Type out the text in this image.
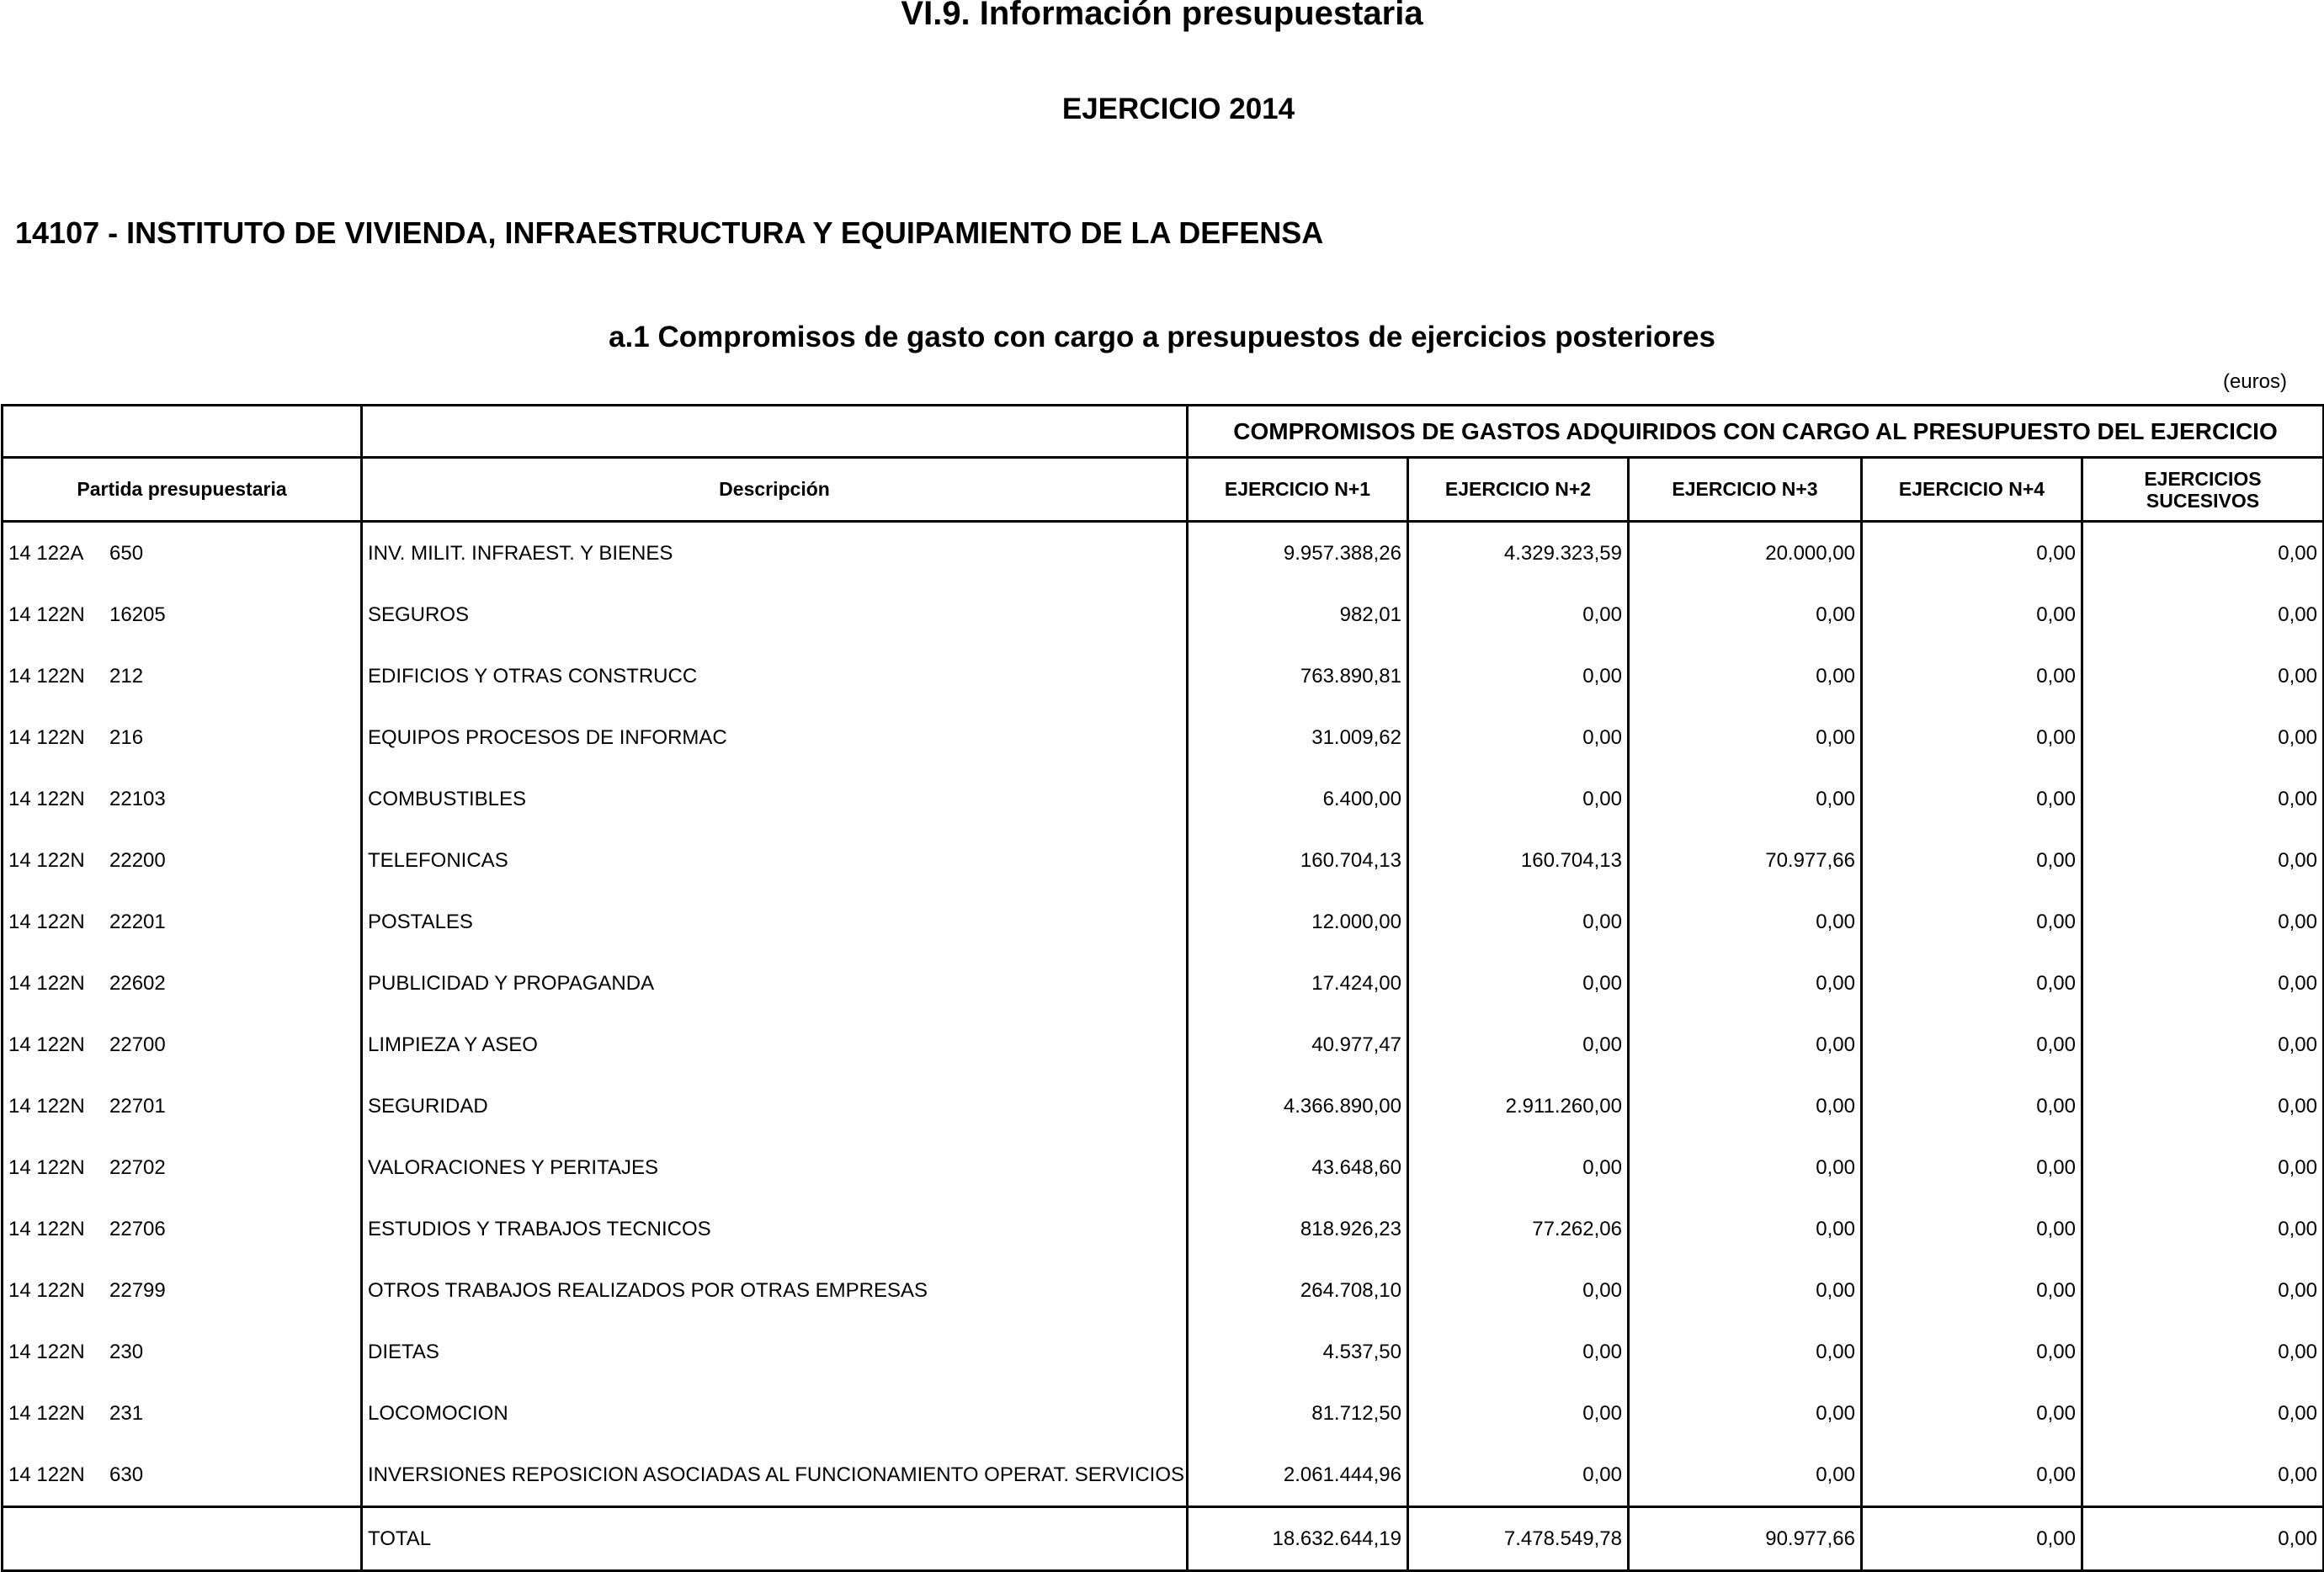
VI.9. Información presupuestaria
EJERCICIO 2014
14107 - INSTITUTO DE VIVIENDA, INFRAESTRUCTURA Y EQUIPAMIENTO DE LA DEFENSA
a.1 Compromisos de gasto con cargo a presupuestos de ejercicios posteriores
(euros)
		COMPROMISOS DE GASTOS ADQUIRIDOS CON CARGO AL PRESUPUESTO DEL EJERCICIO				
Partida presupuestaria	Descripción	EJERCICIO N+1	EJERCICIO N+2	EJERCICIO N+3	EJERCICIO N+4	EJERCICIOS SUCESIVOS
14 122A 650	INV. MILIT. INFRAEST. Y BIENES	9.957.388,26	4.329.323,59	20.000,00	0,00	0,00
14 122N 16205	SEGUROS	982,01	0,00	0,00	0,00	0,00
14 122N 212	EDIFICIOS Y OTRAS CONSTRUCC	763.890,81	0,00	0,00	0,00	0,00
14 122N 216	EQUIPOS PROCESOS DE INFORMAC	31.009,62	0,00	0,00	0,00	0,00
14 122N 22103	COMBUSTIBLES	6.400,00	0,00	0,00	0,00	0,00
14 122N 22200	TELEFONICAS	160.704,13	160.704,13	70.977,66	0,00	0,00
14 122N 22201	POSTALES	12.000,00	0,00	0,00	0,00	0,00
14 122N 22602	PUBLICIDAD Y PROPAGANDA	17.424,00	0,00	0,00	0,00	0,00
14 122N 22700	LIMPIEZA Y ASEO	40.977,47	0,00	0,00	0,00	0,00
14 122N 22701	SEGURIDAD	4.366.890,00	2.911.260,00	0,00	0,00	0,00
14 122N 22702	VALORACIONES Y PERITAJES	43.648,60	0,00	0,00	0,00	0,00
14 122N 22706	ESTUDIOS Y TRABAJOS TECNICOS	818.926,23	77.262,06	0,00	0,00	0,00
14 122N 22799	OTROS TRABAJOS REALIZADOS POR OTRAS EMPRESAS	264.708,10	0,00	0,00	0,00	0,00
14 122N 230	DIETAS	4.537,50	0,00	0,00	0,00	0,00
14 122N 231	LOCOMOCION	81.712,50	0,00	0,00	0,00	0,00
14 122N 630	INVERSIONES REPOSICION ASOCIADAS AL FUNCIONAMIENTO OPERAT. SERVICIOS	2.061.444,96	0,00	0,00	0,00	0,00
	TOTAL	18.632.644,19	7.478.549,78	90.977,66	0,00	0,00
